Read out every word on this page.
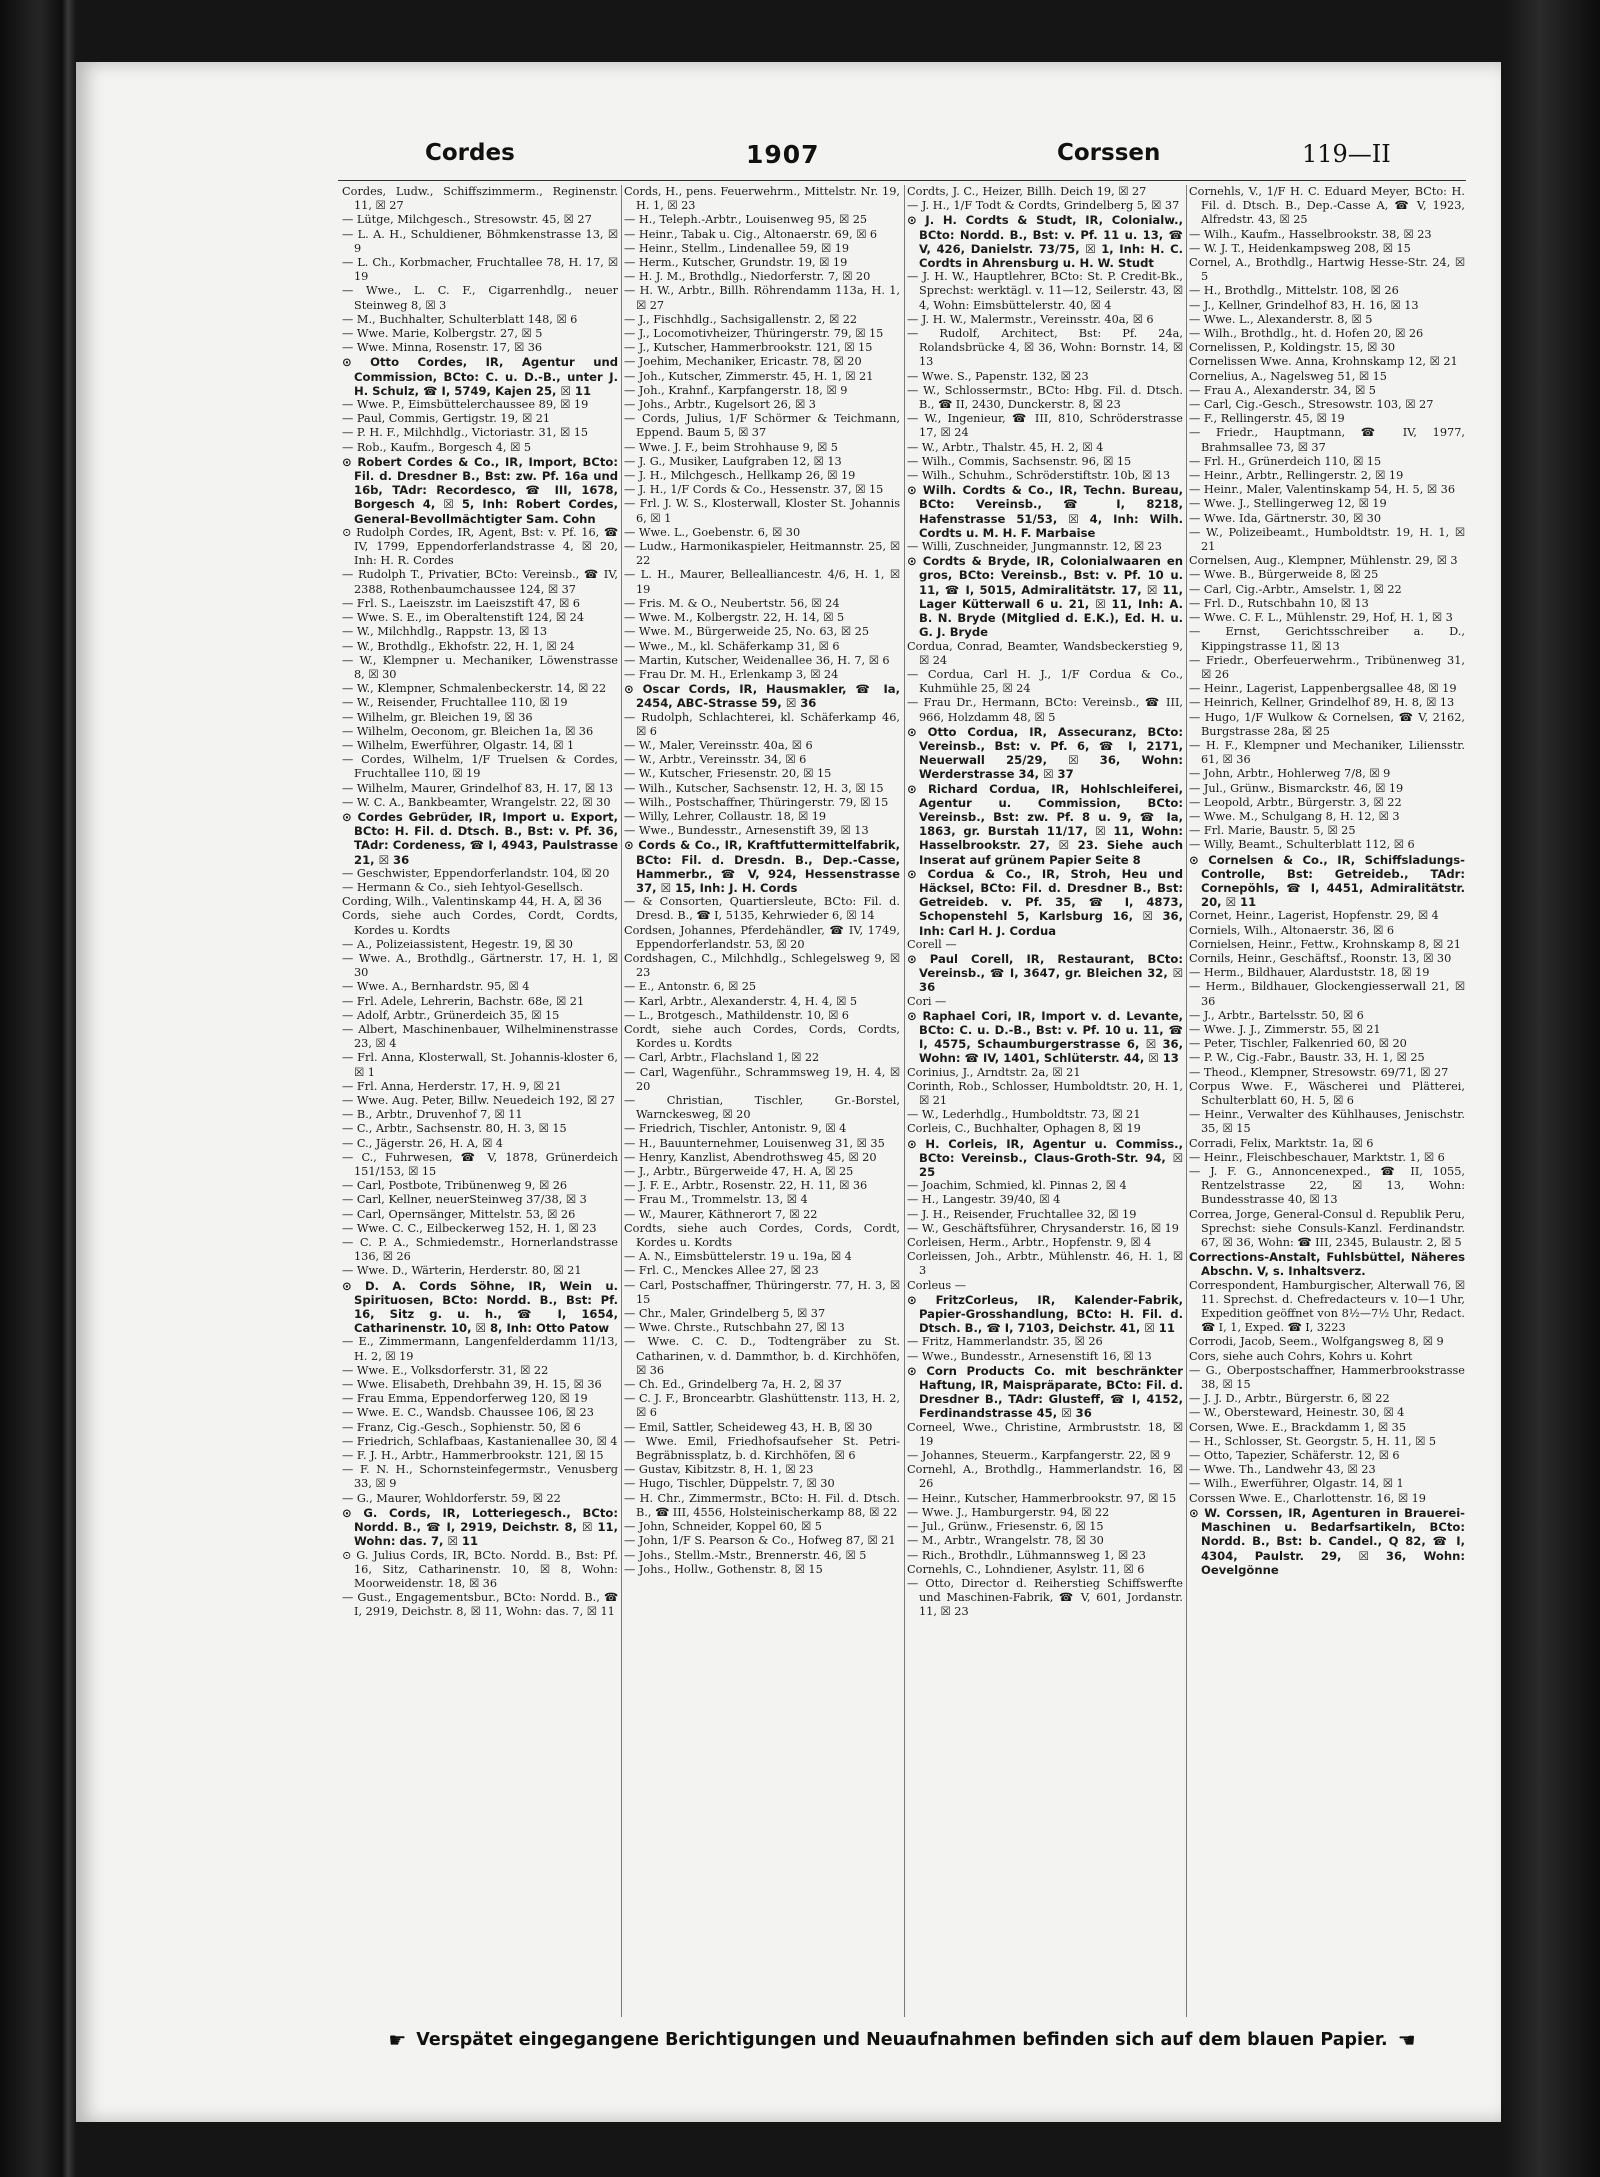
Cordes	1907	Corssen	119—II

Cordes, Ludw., Schiffszimmerm., Reginenstr. 11, ☒ 27

— Lütge, Milchgesch., Stresowstr. 45, ☒ 27

— L. A. H., Schuldiener, Böhmkenstrasse 13, ☒ 9

— L. Ch., Korbmacher, Fruchtallee 78, H. 17, ☒ 19

— Wwe., L. C. F., Cigarrenhdlg., neuer Steinweg 8, ☒ 3

— M., Buchhalter, Schulterblatt 148, ☒ 6

— Wwe. Marie, Kolbergstr. 27, ☒ 5

— Wwe. Minna, Rosenstr. 17, ☒ 36

⊙ Otto Cordes, IR, Agentur und Commission, BCto: C. u. D.-B., unter J. H. Schulz, ☎ I, 5749, Kajen 25, ☒ 11

— Wwe. P., Eimsbüttelerchaussee 89, ☒ 19

— Paul, Commis, Gertigstr. 19, ☒ 21

— P. H. F., Milchhdlg., Victoriastr. 31, ☒ 15

— Rob., Kaufm., Borgesch 4, ☒ 5

⊙ Robert Cordes & Co., IR, Import, BCto: Fil. d. Dresdner B., Bst: zw. Pf. 16a und 16b, TAdr: Recordesco, ☎ III, 1678, Borgesch 4, ☒ 5, Inh: Robert Cordes, General-Bevollmächtigter Sam. Cohn

⊙ Rudolph Cordes, IR, Agent, Bst: v. Pf. 16, ☎ IV, 1799, Eppendorferlandstrasse 4, ☒ 20, Inh: H. R. Cordes

— Rudolph T., Privatier, BCto: Vereinsb., ☎ IV, 2388, Rothenbaumchaussee 124, ☒ 37

— Frl. S., Laeiszstr. im Laeiszstift 47, ☒ 6

— Wwe. S. E., im Oberaltenstift 124, ☒ 24

— W., Milchhdlg., Rappstr. 13, ☒ 13

— W., Brothdlg., Ekhofstr. 22, H. 1, ☒ 24

— W., Klempner u. Mechaniker, Löwenstrasse 8, ☒ 30

— W., Klempner, Schmalenbeckerstr. 14, ☒ 22

— W., Reisender, Fruchtallee 110, ☒ 19

— Wilhelm, gr. Bleichen 19, ☒ 36

— Wilhelm, Oeconom, gr. Bleichen 1a, ☒ 36

— Wilhelm, Ewerführer, Olgastr. 14, ☒ 1

— Cordes, Wilhelm, 1/F Truelsen & Cordes, Fruchtallee 110, ☒ 19

— Wilhelm, Maurer, Grindelhof 83, H. 17, ☒ 13

— W. C. A., Bankbeamter, Wrangelstr. 22, ☒ 30

⊙ Cordes Gebrüder, IR, Import u. Export, BCto: H. Fil. d. Dtsch. B., Bst: v. Pf. 36, TAdr: Cordeness, ☎ I, 4943, Paulstrasse 21, ☒ 36

— Geschwister, Eppendorferlandstr. 104, ☒ 20

— Hermann & Co., sieh Iehtyol-Gesellsch.

Cording, Wilh., Valentinskamp 44, H. A, ☒ 36

Cords, siehe auch Cordes, Cordt, Cordts, Kordes u. Kordts

— A., Polizeiassistent, Hegestr. 19, ☒ 30

— Wwe. A., Brothdlg., Gärtnerstr. 17, H. 1, ☒ 30

— Wwe. A., Bernhardstr. 95, ☒ 4

— Frl. Adele, Lehrerin, Bachstr. 68e, ☒ 21

— Adolf, Arbtr., Grünerdeich 35, ☒ 15

— Albert, Maschinenbauer, Wilhelminenstrasse 23, ☒ 4

— Frl. Anna, Klosterwall, St. Johannis-kloster 6, ☒ 1

— Frl. Anna, Herderstr. 17, H. 9, ☒ 21

— Wwe. Aug. Peter, Billw. Neuedeich 192, ☒ 27

— B., Arbtr., Druvenhof 7, ☒ 11

— C., Arbtr., Sachsenstr. 80, H. 3, ☒ 15

— C., Jägerstr. 26, H. A, ☒ 4

— C., Fuhrwesen, ☎ V, 1878, Grünerdeich 151/153, ☒ 15

— Carl, Postbote, Tribünenweg 9, ☒ 26

— Carl, Kellner, neuerSteinweg 37/38, ☒ 3

— Carl, Opernsänger, Mittelstr. 53, ☒ 26

— Wwe. C. C., Eilbeckerweg 152, H. 1, ☒ 23

— C. P. A., Schmiedemstr., Hornerlandstrasse 136, ☒ 26

— Wwe. D., Wärterin, Herderstr. 80, ☒ 21

⊙ D. A. Cords Söhne, IR, Wein u. Spirituosen, BCto: Nordd. B., Bst: Pf. 16, Sitz g. u. h., ☎ I, 1654, Catharinenstr. 10, ☒ 8, Inh: Otto Patow

— E., Zimmermann, Langenfelderdamm 11/13, H. 2, ☒ 19

— Wwe. E., Volksdorferstr. 31, ☒ 22

— Wwe. Elisabeth, Drehbahn 39, H. 15, ☒ 36

— Frau Emma, Eppendorferweg 120, ☒ 19

— Wwe. E. C., Wandsb. Chaussee 106, ☒ 23

— Franz, Cig.-Gesch., Sophienstr. 50, ☒ 6

— Friedrich, Schlafbaas, Kastanienallee 30, ☒ 4

— F. J. H., Arbtr., Hammerbrookstr. 121, ☒ 15

— F. N. H., Schornsteinfegermstr., Venusberg 33, ☒ 9

— G., Maurer, Wohldorferstr. 59, ☒ 22

⊙ G. Cords, IR, Lotteriegesch., BCto: Nordd. B., ☎ I, 2919, Deichstr. 8, ☒ 11, Wohn: das. 7, ☒ 11

⊙ G. Julius Cords, IR, BCto. Nordd. B., Bst: Pf. 16, Sitz, Catharinenstr. 10, ☒ 8, Wohn: Moorweidenstr. 18, ☒ 36

— Gust., Engagementsbur., BCto: Nordd. B., ☎ I, 2919, Deichstr. 8, ☒ 11, Wohn: das. 7, ☒ 11

Cords, H., pens. Feuerwehrm., Mittelstr. Nr. 19, H. 1, ☒ 23

— H., Teleph.-Arbtr., Louisenweg 95, ☒ 25

— Heinr., Tabak u. Cig., Altonaerstr. 69, ☒ 6

— Heinr., Stellm., Lindenallee 59, ☒ 19

— Herm., Kutscher, Grundstr. 19, ☒ 19

— H. J. M., Brothdlg., Niedorferstr. 7, ☒ 20

— H. W., Arbtr., Billh. Röhrendamm 113a, H. 1, ☒ 27

— J., Fischhdlg., Sachsigallenstr. 2, ☒ 22

— J., Locomotivheizer, Thüringerstr. 79, ☒ 15

— J., Kutscher, Hammerbrookstr. 121, ☒ 15

— Joehim, Mechaniker, Ericastr. 78, ☒ 20

— Joh., Kutscher, Zimmerstr. 45, H. 1, ☒ 21

— Joh., Krahnf., Karpfangerstr. 18, ☒ 9

— Johs., Arbtr., Kugelsort 26, ☒ 3

— Cords, Julius, 1/F Schörmer & Teichmann, Eppend. Baum 5, ☒ 37

— Wwe. J. F., beim Strohhause 9, ☒ 5

— J. G., Musiker, Laufgraben 12, ☒ 13

— J. H., Milchgesch., Hellkamp 26, ☒ 19

— J. H., 1/F Cords & Co., Hessenstr. 37, ☒ 15

— Frl. J. W. S., Klosterwall, Kloster St. Johannis 6, ☒ 1

— Wwe. L., Goebenstr. 6, ☒ 30

— Ludw., Harmonikaspieler, Heitmannstr. 25, ☒ 22

— L. H., Maurer, Bellealliancestr. 4/6, H. 1, ☒ 19

— Fris. M. & O., Neubertstr. 56, ☒ 24

— Wwe. M., Kolbergstr. 22, H. 14, ☒ 5

— Wwe. M., Bürgerweide 25, No. 63, ☒ 25

— Wwe., M., kl. Schäferkamp 31, ☒ 6

— Martin, Kutscher, Weidenallee 36, H. 7, ☒ 6

— Frau Dr. M. H., Erlenkamp 3, ☒ 24

⊙ Oscar Cords, IR, Hausmakler, ☎ Ia, 2454, ABC-Strasse 59, ☒ 36

— Rudolph, Schlachterei, kl. Schäferkamp 46, ☒ 6

— W., Maler, Vereinsstr. 40a, ☒ 6

— W., Arbtr., Vereinsstr. 34, ☒ 6

— W., Kutscher, Friesenstr. 20, ☒ 15

— Wilh., Kutscher, Sachsenstr. 12, H. 3, ☒ 15

— Wilh., Postschaffner, Thüringerstr. 79, ☒ 15

— Willy, Lehrer, Collaustr. 18, ☒ 19

— Wwe., Bundesstr., Arnesenstift 39, ☒ 13

⊙ Cords & Co., IR, Kraftfuttermittelfabrik, BCto: Fil. d. Dresdn. B., Dep.-Casse, Hammerbr., ☎ V, 924, Hessenstrasse 37, ☒ 15, Inh: J. H. Cords

— & Consorten, Quartiersleute, BCto: Fil. d. Dresd. B., ☎ I, 5135, Kehrwieder 6, ☒ 14

Cordsen, Johannes, Pferdehändler, ☎ IV, 1749, Eppendorferlandstr. 53, ☒ 20

Cordshagen, C., Milchhdlg., Schlegelsweg 9, ☒ 23

— E., Antonstr. 6, ☒ 25

— Karl, Arbtr., Alexanderstr. 4, H. 4, ☒ 5

— L., Brotgesch., Mathildenstr. 10, ☒ 6

Cordt, siehe auch Cordes, Cords, Cordts, Kordes u. Kordts

— Carl, Arbtr., Flachsland 1, ☒ 22

— Carl, Wagenführ., Schrammsweg 19, H. 4, ☒ 20

— Christian, Tischler, Gr.-Borstel, Warnckesweg, ☒ 20

— Friedrich, Tischler, Antonistr. 9, ☒ 4

— H., Bauunternehmer, Louisenweg 31, ☒ 35

— Henry, Kanzlist, Abendrothsweg 45, ☒ 20

— J., Arbtr., Bürgerweide 47, H. A, ☒ 25

— J. F. E., Arbtr., Rosenstr. 22, H. 11, ☒ 36

— Frau M., Trommelstr. 13, ☒ 4

— W., Maurer, Käthnerort 7, ☒ 22

Cordts, siehe auch Cordes, Cords, Cordt, Kordes u. Kordts

— A. N., Eimsbüttelerstr. 19 u. 19a, ☒ 4

— Frl. C., Menckes Allee 27, ☒ 23

— Carl, Postschaffner, Thüringerstr. 77, H. 3, ☒ 15

— Chr., Maler, Grindelberg 5, ☒ 37

— Wwe. Chrste., Rutschbahn 27, ☒ 13

— Wwe. C. C. D., Todtengräber zu St. Catharinen, v. d. Dammthor, b. d. Kirchhöfen, ☒ 36

— Ch. Ed., Grindelberg 7a, H. 2, ☒ 37

— C. J. F., Broncearbtr. Glashüttenstr. 113, H. 2, ☒ 6

— Emil, Sattler, Scheideweg 43, H. B, ☒ 30

— Wwe. Emil, Friedhofsaufseher St. Petri-Begräbnissplatz, b. d. Kirchhöfen, ☒ 6

— Gustav, Kibitzstr. 8, H. 1, ☒ 23

— Hugo, Tischler, Düppelstr. 7, ☒ 30

— H. Chr., Zimmermstr., BCto: H. Fil. d. Dtsch. B., ☎ III, 4556, Holsteinischerkamp 88, ☒ 22

— John, Schneider, Koppel 60, ☒ 5

— John, 1/F S. Pearson & Co., Hofweg 87, ☒ 21

— Johs., Stellm.-Mstr., Brennerstr. 46, ☒ 5

— Johs., Hollw., Gothenstr. 8, ☒ 15

Cordts, J. C., Heizer, Billh. Deich 19, ☒ 27

— J. H., 1/F Todt & Cordts, Grindelberg 5, ☒ 37

⊙ J. H. Cordts & Studt, IR, Colonialw., BCto: Nordd. B., Bst: v. Pf. 11 u. 13, ☎ V, 426, Danielstr. 73/75, ☒ 1, Inh: H. C. Cordts in Ahrensburg u. H. W. Studt

— J. H. W., Hauptlehrer, BCto: St. P. Credit-Bk., Sprechst: werktägl. v. 11—12, Seilerstr. 43, ☒ 4, Wohn: Eimsbüttelerstr. 40, ☒ 4

— J. H. W., Malermstr., Vereinsstr. 40a, ☒ 6

— Rudolf, Architect, Bst: Pf. 24a, Rolandsbrücke 4, ☒ 36, Wohn: Bornstr. 14, ☒ 13

— Wwe. S., Papenstr. 132, ☒ 23

— W., Schlossermstr., BCto: Hbg. Fil. d. Dtsch. B., ☎ II, 2430, Dunckerstr. 8, ☒ 23

— W., Ingenieur, ☎ III, 810, Schröderstrasse 17, ☒ 24

— W., Arbtr., Thalstr. 45, H. 2, ☒ 4

— Wilh., Commis, Sachsenstr. 96, ☒ 15

— Wilh., Schuhm., Schröderstiftstr. 10b, ☒ 13

⊙ Wilh. Cordts & Co., IR, Techn. Bureau, BCto: Vereinsb., ☎ I, 8218, Hafenstrasse 51/53, ☒ 4, Inh: Wilh. Cordts u. M. H. F. Marbaise

— Willi, Zuschneider, Jungmannstr. 12, ☒ 23

⊙ Cordts & Bryde, IR, Colonialwaaren en gros, BCto: Vereinsb., Bst: v. Pf. 10 u. 11, ☎ I, 5015, Admiralitätstr. 17, ☒ 11, Lager Kütterwall 6 u. 21, ☒ 11, Inh: A. B. N. Bryde (Mitglied d. E.K.), Ed. H. u. G. J. Bryde

Cordua, Conrad, Beamter, Wandsbeckerstieg 9, ☒ 24

— Cordua, Carl H. J., 1/F Cordua & Co., Kuhmühle 25, ☒ 24

— Frau Dr., Hermann, BCto: Vereinsb., ☎ III, 966, Holzdamm 48, ☒ 5

⊙ Otto Cordua, IR, Assecuranz, BCto: Vereinsb., Bst: v. Pf. 6, ☎ I, 2171, Neuerwall 25/29, ☒ 36, Wohn: Werderstrasse 34, ☒ 37

⊙ Richard Cordua, IR, Hohlschleiferei, Agentur u. Commission, BCto: Vereinsb., Bst: zw. Pf. 8 u. 9, ☎ Ia, 1863, gr. Burstah 11/17, ☒ 11, Wohn: Hasselbrookstr. 27, ☒ 23. Siehe auch Inserat auf grünem Papier Seite 8

⊙ Cordua & Co., IR, Stroh, Heu und Häcksel, BCto: Fil. d. Dresdner B., Bst: Getreideb. v. Pf. 35, ☎ I, 4873, Schopenstehl 5, Karlsburg 16, ☒ 36, Inh: Carl H. J. Cordua

Corell —

⊙ Paul Corell, IR, Restaurant, BCto: Vereinsb., ☎ I, 3647, gr. Bleichen 32, ☒ 36

Cori —

⊙ Raphael Cori, IR, Import v. d. Levante, BCto: C. u. D.-B., Bst: v. Pf. 10 u. 11, ☎ I, 4575, Schaumburgerstrasse 6, ☒ 36, Wohn: ☎ IV, 1401, Schlüterstr. 44, ☒ 13

Corinius, J., Arndtstr. 2a, ☒ 21

Corinth, Rob., Schlosser, Humboldtstr. 20, H. 1, ☒ 21

— W., Lederhdlg., Humboldtstr. 73, ☒ 21

Corleis, C., Buchhalter, Ophagen 8, ☒ 19

⊙ H. Corleis, IR, Agentur u. Commiss., BCto: Vereinsb., Claus-Groth-Str. 94, ☒ 25

— Joachim, Schmied, kl. Pinnas 2, ☒ 4

— H., Langestr. 39/40, ☒ 4

— J. H., Reisender, Fruchtallee 32, ☒ 19

— W., Geschäftsführer, Chrysanderstr. 16, ☒ 19

Corleisen, Herm., Arbtr., Hopfenstr. 9, ☒ 4

Corleissen, Joh., Arbtr., Mühlenstr. 46, H. 1, ☒ 3

Corleus —

⊙ FritzCorleus, IR, Kalender-Fabrik, Papier-Grosshandlung, BCto: H. Fil. d. Dtsch. B., ☎ I, 7103, Deichstr. 41, ☒ 11

— Fritz, Hammerlandstr. 35, ☒ 26

— Wwe., Bundesstr., Arnesenstift 16, ☒ 13

⊙ Corn Products Co. mit beschränkter Haftung, IR, Maispräparate, BCto: Fil. d. Dresdner B., TAdr: Glusteff, ☎ I, 4152, Ferdinandstrasse 45, ☒ 36

Corneel, Wwe., Christine, Armbruststr. 18, ☒ 19

— Johannes, Steuerm., Karpfangerstr. 22, ☒ 9

Cornehl, A., Brothdlg., Hammerlandstr. 16, ☒ 26

— Heinr., Kutscher, Hammerbrookstr. 97, ☒ 15

— Wwe. J., Hamburgerstr. 94, ☒ 22

— Jul., Grünw., Friesenstr. 6, ☒ 15

— M., Arbtr., Wrangelstr. 78, ☒ 30

— Rich., Brothdlr., Lühmannsweg 1, ☒ 23

Cornehls, C., Lohndiener, Asylstr. 11, ☒ 6

— Otto, Director d. Reiherstieg Schiffswerfte und Maschinen-Fabrik, ☎ V, 601, Jordanstr. 11, ☒ 23

Cornehls, V., 1/F H. C. Eduard Meyer, BCto: H. Fil. d. Dtsch. B., Dep.-Casse A, ☎ V, 1923, Alfredstr. 43, ☒ 25

— Wilh., Kaufm., Hasselbrookstr. 38, ☒ 23

— W. J. T., Heidenkampsweg 208, ☒ 15

Cornel, A., Brothdlg., Hartwig Hesse-Str. 24, ☒ 5

— H., Brothdlg., Mittelstr. 108, ☒ 26

— J., Kellner, Grindelhof 83, H. 16, ☒ 13

— Wwe. L., Alexanderstr. 8, ☒ 5

— Wilh., Brothdlg., ht. d. Hofen 20, ☒ 26

Cornelissen, P., Koldingstr. 15, ☒ 30

Cornelissen Wwe. Anna, Krohnskamp 12, ☒ 21

Cornelius, A., Nagelsweg 51, ☒ 15

— Frau A., Alexanderstr. 34, ☒ 5

— Carl, Cig.-Gesch., Stresowstr. 103, ☒ 27

— F., Rellingerstr. 45, ☒ 19

— Friedr., Hauptmann, ☎ IV, 1977, Brahmsallee 73, ☒ 37

— Frl. H., Grünerdeich 110, ☒ 15

— Heinr., Arbtr., Rellingerstr. 2, ☒ 19

— Heinr., Maler, Valentinskamp 54, H. 5, ☒ 36

— Wwe. J., Stellingerweg 12, ☒ 19

— Wwe. Ida, Gärtnerstr. 30, ☒ 30

— W., Polizeibeamt., Humboldtstr. 19, H. 1, ☒ 21

Cornelsen, Aug., Klempner, Mühlenstr. 29, ☒ 3

— Wwe. B., Bürgerweide 8, ☒ 25

— Carl, Cig.-Arbtr., Amselstr. 1, ☒ 22

— Frl. D., Rutschbahn 10, ☒ 13

— Wwe. C. F. L., Mühlenstr. 29, Hof, H. 1, ☒ 3

— Ernst, Gerichtsschreiber a. D., Kippingstrasse 11, ☒ 13

— Friedr., Oberfeuerwehrm., Tribünenweg 31, ☒ 26

— Heinr., Lagerist, Lappenbergsallee 48, ☒ 19

— Heinrich, Kellner, Grindelhof 89, H. 8, ☒ 13

— Hugo, 1/F Wulkow & Cornelsen, ☎ V, 2162, Burgstrasse 28a, ☒ 25

— H. F., Klempner und Mechaniker, Liliensstr. 61, ☒ 36

— John, Arbtr., Hohlerweg 7/8, ☒ 9

— Jul., Grünw., Bismarckstr. 46, ☒ 19

— Leopold, Arbtr., Bürgerstr. 3, ☒ 22

— Wwe. M., Schulgang 8, H. 12, ☒ 3

— Frl. Marie, Baustr. 5, ☒ 25

— Willy, Beamt., Schulterblatt 112, ☒ 6

⊙ Cornelsen & Co., IR, Schiffsladungs-Controlle, Bst: Getreideb., TAdr: Cornepöhls, ☎ I, 4451, Admiralitätstr. 20, ☒ 11

Cornet, Heinr., Lagerist, Hopfenstr. 29, ☒ 4

Corniels, Wilh., Altonaerstr. 36, ☒ 6

Cornielsen, Heinr., Fettw., Krohnskamp 8, ☒ 21

Cornils, Heinr., Geschäftsf., Roonstr. 13, ☒ 30

— Herm., Bildhauer, Alarduststr. 18, ☒ 19

— Herm., Bildhauer, Glockengiesserwall 21, ☒ 36

— J., Arbtr., Bartelsstr. 50, ☒ 6

— Wwe. J. J., Zimmerstr. 55, ☒ 21

— Peter, Tischler, Falkenried 60, ☒ 20

— P. W., Cig.-Fabr., Baustr. 33, H. 1, ☒ 25

— Theod., Klempner, Stresowstr. 69/71, ☒ 27

Corpus Wwe. F., Wäscherei und Plätterei, Schulterblatt 60, H. 5, ☒ 6

— Heinr., Verwalter des Kühlhauses, Jenischstr. 35, ☒ 15

Corradi, Felix, Marktstr. 1a, ☒ 6

— Heinr., Fleischbeschauer, Marktstr. 1, ☒ 6

— J. F. G., Annoncenexped., ☎ II, 1055, Rentzelstrasse 22, ☒ 13, Wohn: Bundesstrasse 40, ☒ 13

Correa, Jorge, General-Consul d. Republik Peru, Sprechst: siehe Consuls-Kanzl. Ferdinandstr. 67, ☒ 36, Wohn: ☎ III, 2345, Bulaustr. 2, ☒ 5

Corrections-Anstalt, Fuhlsbüttel, Näheres Abschn. V, s. Inhaltsverz.

Correspondent, Hamburgischer, Alterwall 76, ☒ 11. Sprechst. d. Chefredacteurs v. 10—1 Uhr, Expedition geöffnet von 8½—7½ Uhr, Redact. ☎ I, 1, Exped. ☎ I, 3223

Corrodi, Jacob, Seem., Wolfgangsweg 8, ☒ 9

Cors, siehe auch Cohrs, Kohrs u. Kohrt

— G., Oberpostschaffner, Hammerbrookstrasse 38, ☒ 15

— J. J. D., Arbtr., Bürgerstr. 6, ☒ 22

— W., Obersteward, Heinestr. 30, ☒ 4

Corsen, Wwe. E., Brackdamm 1, ☒ 35

— H., Schlosser, St. Georgstr. 5, H. 11, ☒ 5

— Otto, Tapezier, Schäferstr. 12, ☒ 6

— Wwe. Th., Landwehr 43, ☒ 23

— Wilh., Ewerführer, Olgastr. 14, ☒ 1

Corssen Wwe. E., Charlottenstr. 16, ☒ 19

⊙ W. Corssen, IR, Agenturen in Brauerei-Maschinen u. Bedarfsartikeln, BCto: Nordd. B., Bst: b. Candel., Q 82, ☎ I, 4304, Paulstr. 29, ☒ 36, Wohn: Oevelgönne

☛ Verspätet eingegangene Berichtigungen und Neuaufnahmen befinden sich auf dem blauen Papier. ☚
